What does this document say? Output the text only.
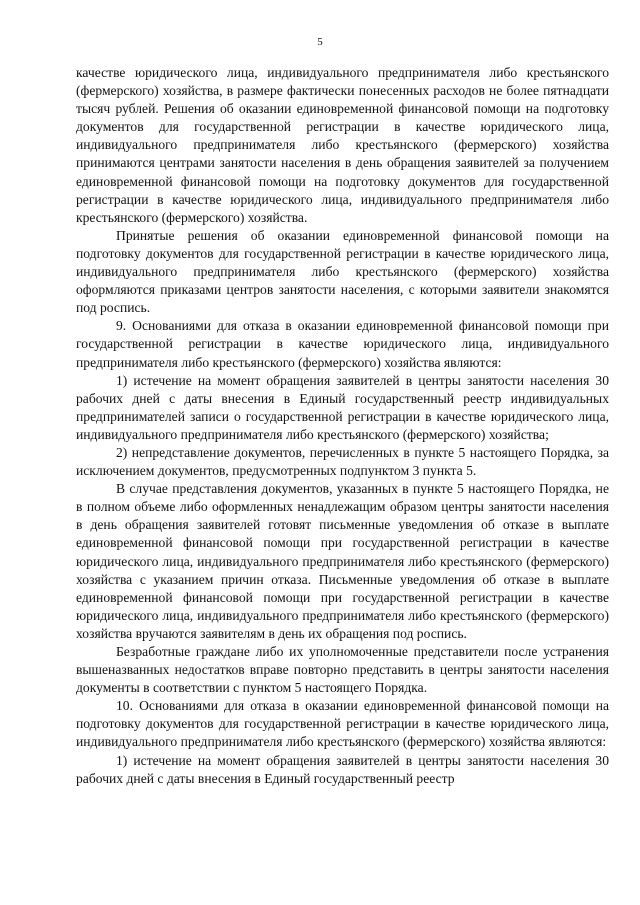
5

качестве юридического лица, индивидуального предпринимателя либо крестьянского (фермерского) хозяйства, в размере фактически понесенных расходов не более пятнадцати тысяч рублей. Решения об оказании единовременной финансовой помощи на подготовку документов для государственной регистрации в качестве юридического лица, индивидуального предпринимателя либо крестьянского (фермерского) хозяйства принимаются центрами занятости населения в день обращения заявителей за получением единовременной финансовой помощи на подготовку документов для государственной регистрации в качестве юридического лица, индивидуального предпринимателя либо крестьянского (фермерского) хозяйства.

Принятые решения об оказании единовременной финансовой помощи на подготовку документов для государственной регистрации в качестве юридического лица, индивидуального предпринимателя либо крестьянского (фермерского) хозяйства оформляются приказами центров занятости населения, с которыми заявители знакомятся под роспись.

9. Основаниями для отказа в оказании единовременной финансовой помощи при государственной регистрации в качестве юридического лица, индивидуального предпринимателя либо крестьянского (фермерского) хозяйства являются:

1) истечение на момент обращения заявителей в центры занятости населения 30 рабочих дней с даты внесения в Единый государственный реестр индивидуальных предпринимателей записи о государственной регистрации в качестве юридического лица, индивидуального предпринимателя либо крестьянского (фермерского) хозяйства;

2) непредставление документов, перечисленных в пункте 5 настоящего Порядка, за исключением документов, предусмотренных подпунктом 3 пункта 5.

В случае представления документов, указанных в пункте 5 настоящего Порядка, не в полном объеме либо оформленных ненадлежащим образом центры занятости населения в день обращения заявителей готовят письменные уведомления об отказе в выплате единовременной финансовой помощи при государственной регистрации в качестве юридического лица, индивидуального предпринимателя либо крестьянского (фермерского) хозяйства с указанием причин отказа. Письменные уведомления об отказе в выплате единовременной финансовой помощи при государственной регистрации в качестве юридического лица, индивидуального предпринимателя либо крестьянского (фермерского) хозяйства вручаются заявителям в день их обращения под роспись.

Безработные граждане либо их уполномоченные представители после устранения вышеназванных недостатков вправе повторно представить в центры занятости населения документы в соответствии с пунктом 5 настоящего Порядка.

10. Основаниями для отказа в оказании единовременной финансовой помощи на подготовку документов для государственной регистрации в качестве юридического лица, индивидуального предпринимателя либо крестьянского (фермерского) хозяйства являются:

1) истечение на момент обращения заявителей в центры занятости населения 30 рабочих дней с даты внесения в Единый государственный реестр
